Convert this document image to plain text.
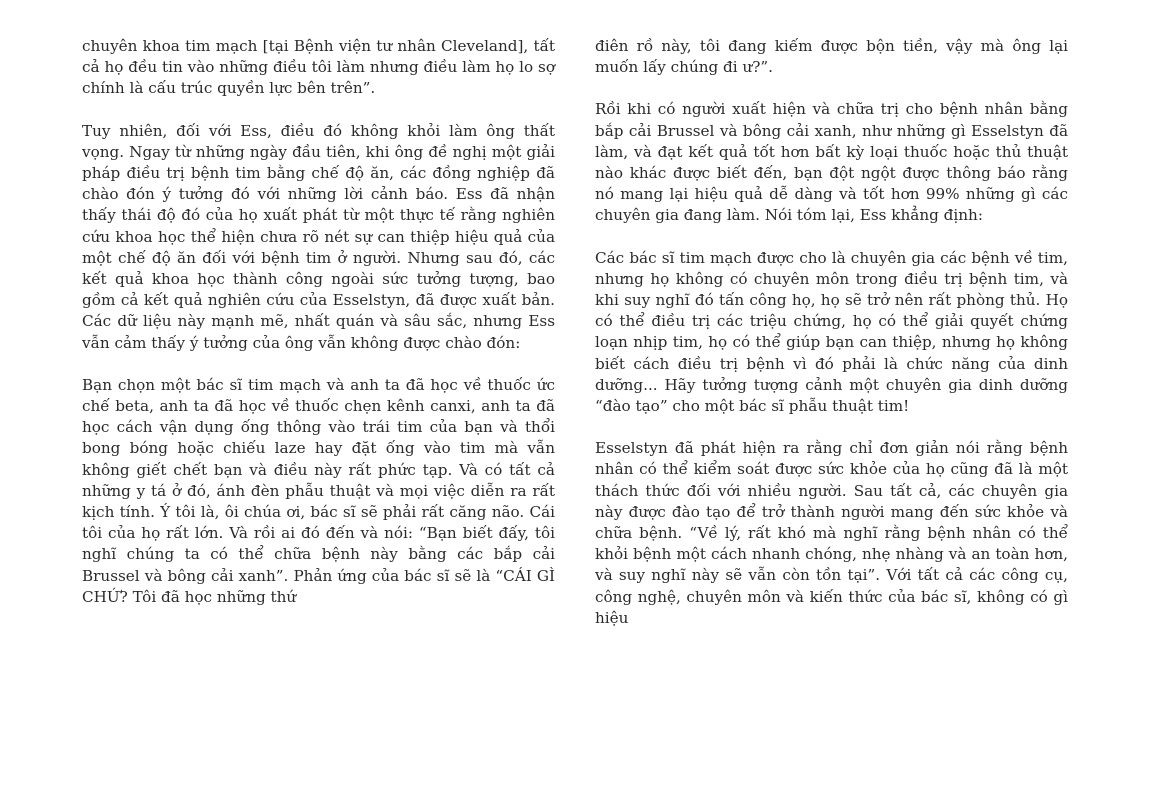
chuyên khoa tim mạch [tại Bệnh viện tư nhân Cleveland], tất cả họ đều tin vào những điều tôi làm nhưng điều làm họ lo sợ chính là cấu trúc quyền lực bên trên”.

Tuy nhiên, đối với Ess, điều đó không khỏi làm ông thất vọng. Ngay từ những ngày đầu tiên, khi ông đề nghị một giải pháp điều trị bệnh tim bằng chế độ ăn, các đồng nghiệp đã chào đón ý tưởng đó với những lời cảnh báo. Ess đã nhận thấy thái độ đó của họ xuất phát từ một thực tế rằng nghiên cứu khoa học thể hiện chưa rõ nét sự can thiệp hiệu quả của một chế độ ăn đối với bệnh tim ở người. Nhưng sau đó, các kết quả khoa học thành công ngoài sức tưởng tượng, bao gồm cả kết quả nghiên cứu của Esselstyn, đã được xuất bản. Các dữ liệu này mạnh mẽ, nhất quán và sâu sắc, nhưng Ess vẫn cảm thấy ý tưởng của ông vẫn không được chào đón:

Bạn chọn một bác sĩ tim mạch và anh ta đã học về thuốc ức chế beta, anh ta đã học về thuốc chẹn kênh canxi, anh ta đã học cách vận dụng ống thông vào trái tim của bạn và thổi bong bóng hoặc chiếu laze hay đặt ống vào tim mà vẫn không giết chết bạn và điều này rất phức tạp. Và có tất cả những y tá ở đó, ánh đèn phẫu thuật và mọi việc diễn ra rất kịch tính. Ý tôi là, ôi chúa ơi, bác sĩ sẽ phải rất căng não. Cái tôi của họ rất lớn. Và rồi ai đó đến và nói: “Bạn biết đấy, tôi nghĩ chúng ta có thể chữa bệnh này bằng các bắp cải Brussel và bông cải xanh”. Phản ứng của bác sĩ sẽ là “CÁI GÌ CHỨ? Tôi đã học những thứ

điên rồ này, tôi đang kiếm được bộn tiền, vậy mà ông lại muốn lấy chúng đi ư?”.

Rồi khi có người xuất hiện và chữa trị cho bệnh nhân bằng bắp cải Brussel và bông cải xanh, như những gì Esselstyn đã làm, và đạt kết quả tốt hơn bất kỳ loại thuốc hoặc thủ thuật nào khác được biết đến, bạn đột ngột được thông báo rằng nó mang lại hiệu quả dễ dàng và tốt hơn 99% những gì các chuyên gia đang làm. Nói tóm lại, Ess khẳng định:

Các bác sĩ tim mạch được cho là chuyên gia các bệnh về tim, nhưng họ không có chuyên môn trong điều trị bệnh tim, và khi suy nghĩ đó tấn công họ, họ sẽ trở nên rất phòng thủ. Họ có thể điều trị các triệu chứng, họ có thể giải quyết chứng loạn nhịp tim, họ có thể giúp bạn can thiệp, nhưng họ không biết cách điều trị bệnh vì đó phải là chức năng của dinh dưỡng... Hãy tưởng tượng cảnh một chuyên gia dinh dưỡng “đào tạo” cho một bác sĩ phẫu thuật tim!

Esselstyn đã phát hiện ra rằng chỉ đơn giản nói rằng bệnh nhân có thể kiểm soát được sức khỏe của họ cũng đã là một thách thức đối với nhiều người. Sau tất cả, các chuyên gia này được đào tạo để trở thành người mang đến sức khỏe và chữa bệnh. “Về lý, rất khó mà nghĩ rằng bệnh nhân có thể khỏi bệnh một cách nhanh chóng, nhẹ nhàng và an toàn hơn, và suy nghĩ này sẽ vẫn còn tồn tại”. Với tất cả các công cụ, công nghệ, chuyên môn và kiến thức của bác sĩ, không có gì hiệu
